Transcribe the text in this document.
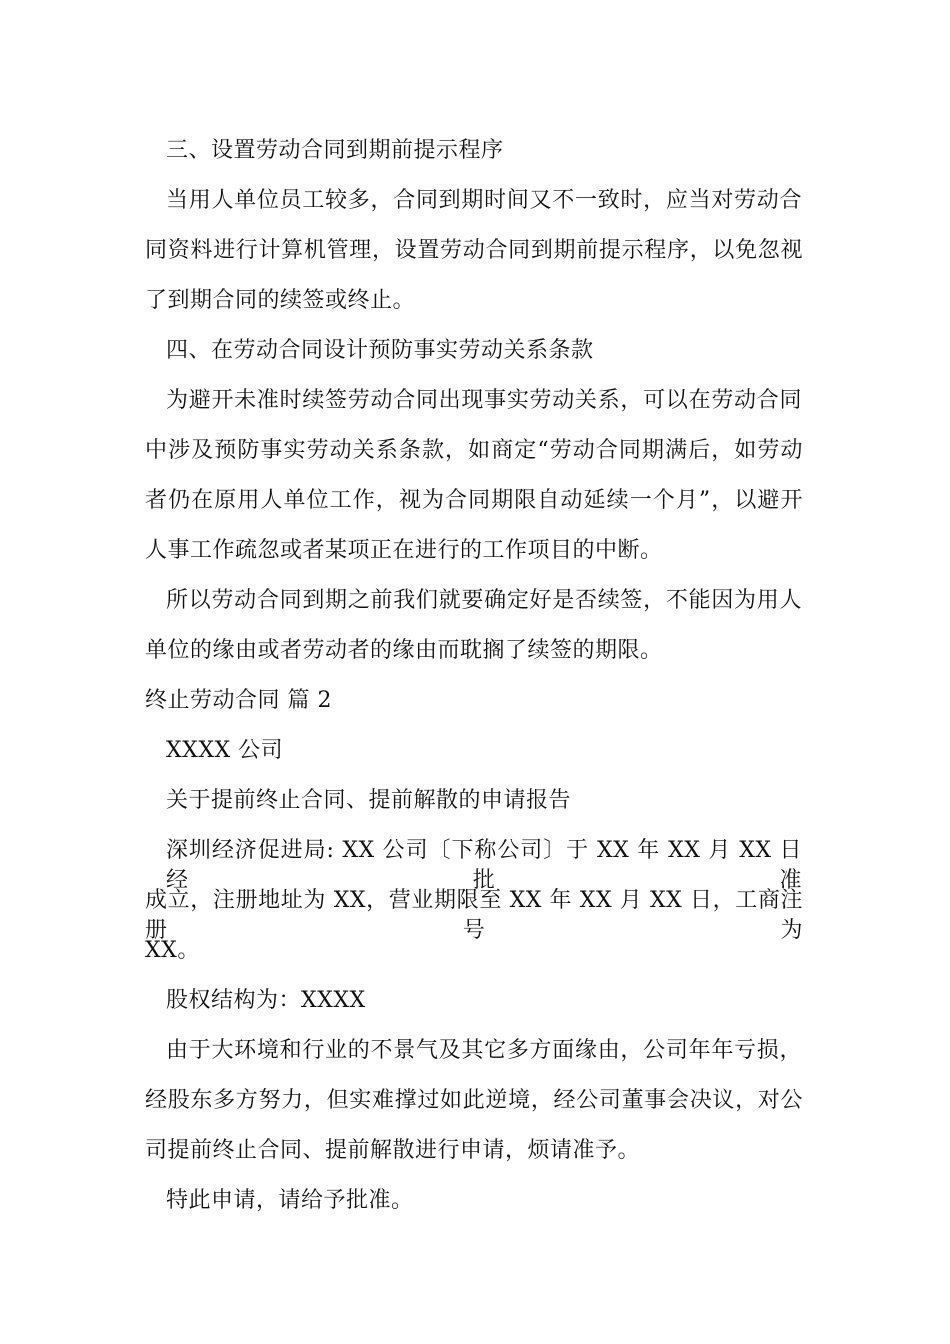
三、设置劳动合同到期前提示程序
当用人单位员工较多，合同到期时间又不一致时，应当对劳动合
同资料进行计算机管理，设置劳动合同到期前提示程序，以免忽视
了到期合同的续签或终止。
四、在劳动合同设计预防事实劳动关系条款
为避开未准时续签劳动合同出现事实劳动关系，可以在劳动合同
中涉及预防事实劳动关系条款，如商定“劳动合同期满后，如劳动
者仍在原用人单位工作，视为合同期限自动延续一个月”，以避开
人事工作疏忽或者某项正在进行的工作项目的中断。
所以劳动合同到期之前我们就要确定好是否续签，不能因为用人
单位的缘由或者劳动者的缘由而耽搁了续签的期限。
终止劳动合同 篇 2
XXXX 公司
关于提前终止合同、提前解散的申请报告
深圳经济促进局: XX 公司〔下称公司〕于 XX 年 XX 月 XX 日经批准
成立，注册地址为 XX，营业期限至 XX 年 XX 月 XX 日，工商注册号为
XX。
股权结构为：XXXX
由于大环境和行业的不景气及其它多方面缘由，公司年年亏损，
经股东多方努力，但实难撑过如此逆境，经公司董事会决议，对公
司提前终止合同、提前解散进行申请，烦请准予。
特此申请，请给予批准。
